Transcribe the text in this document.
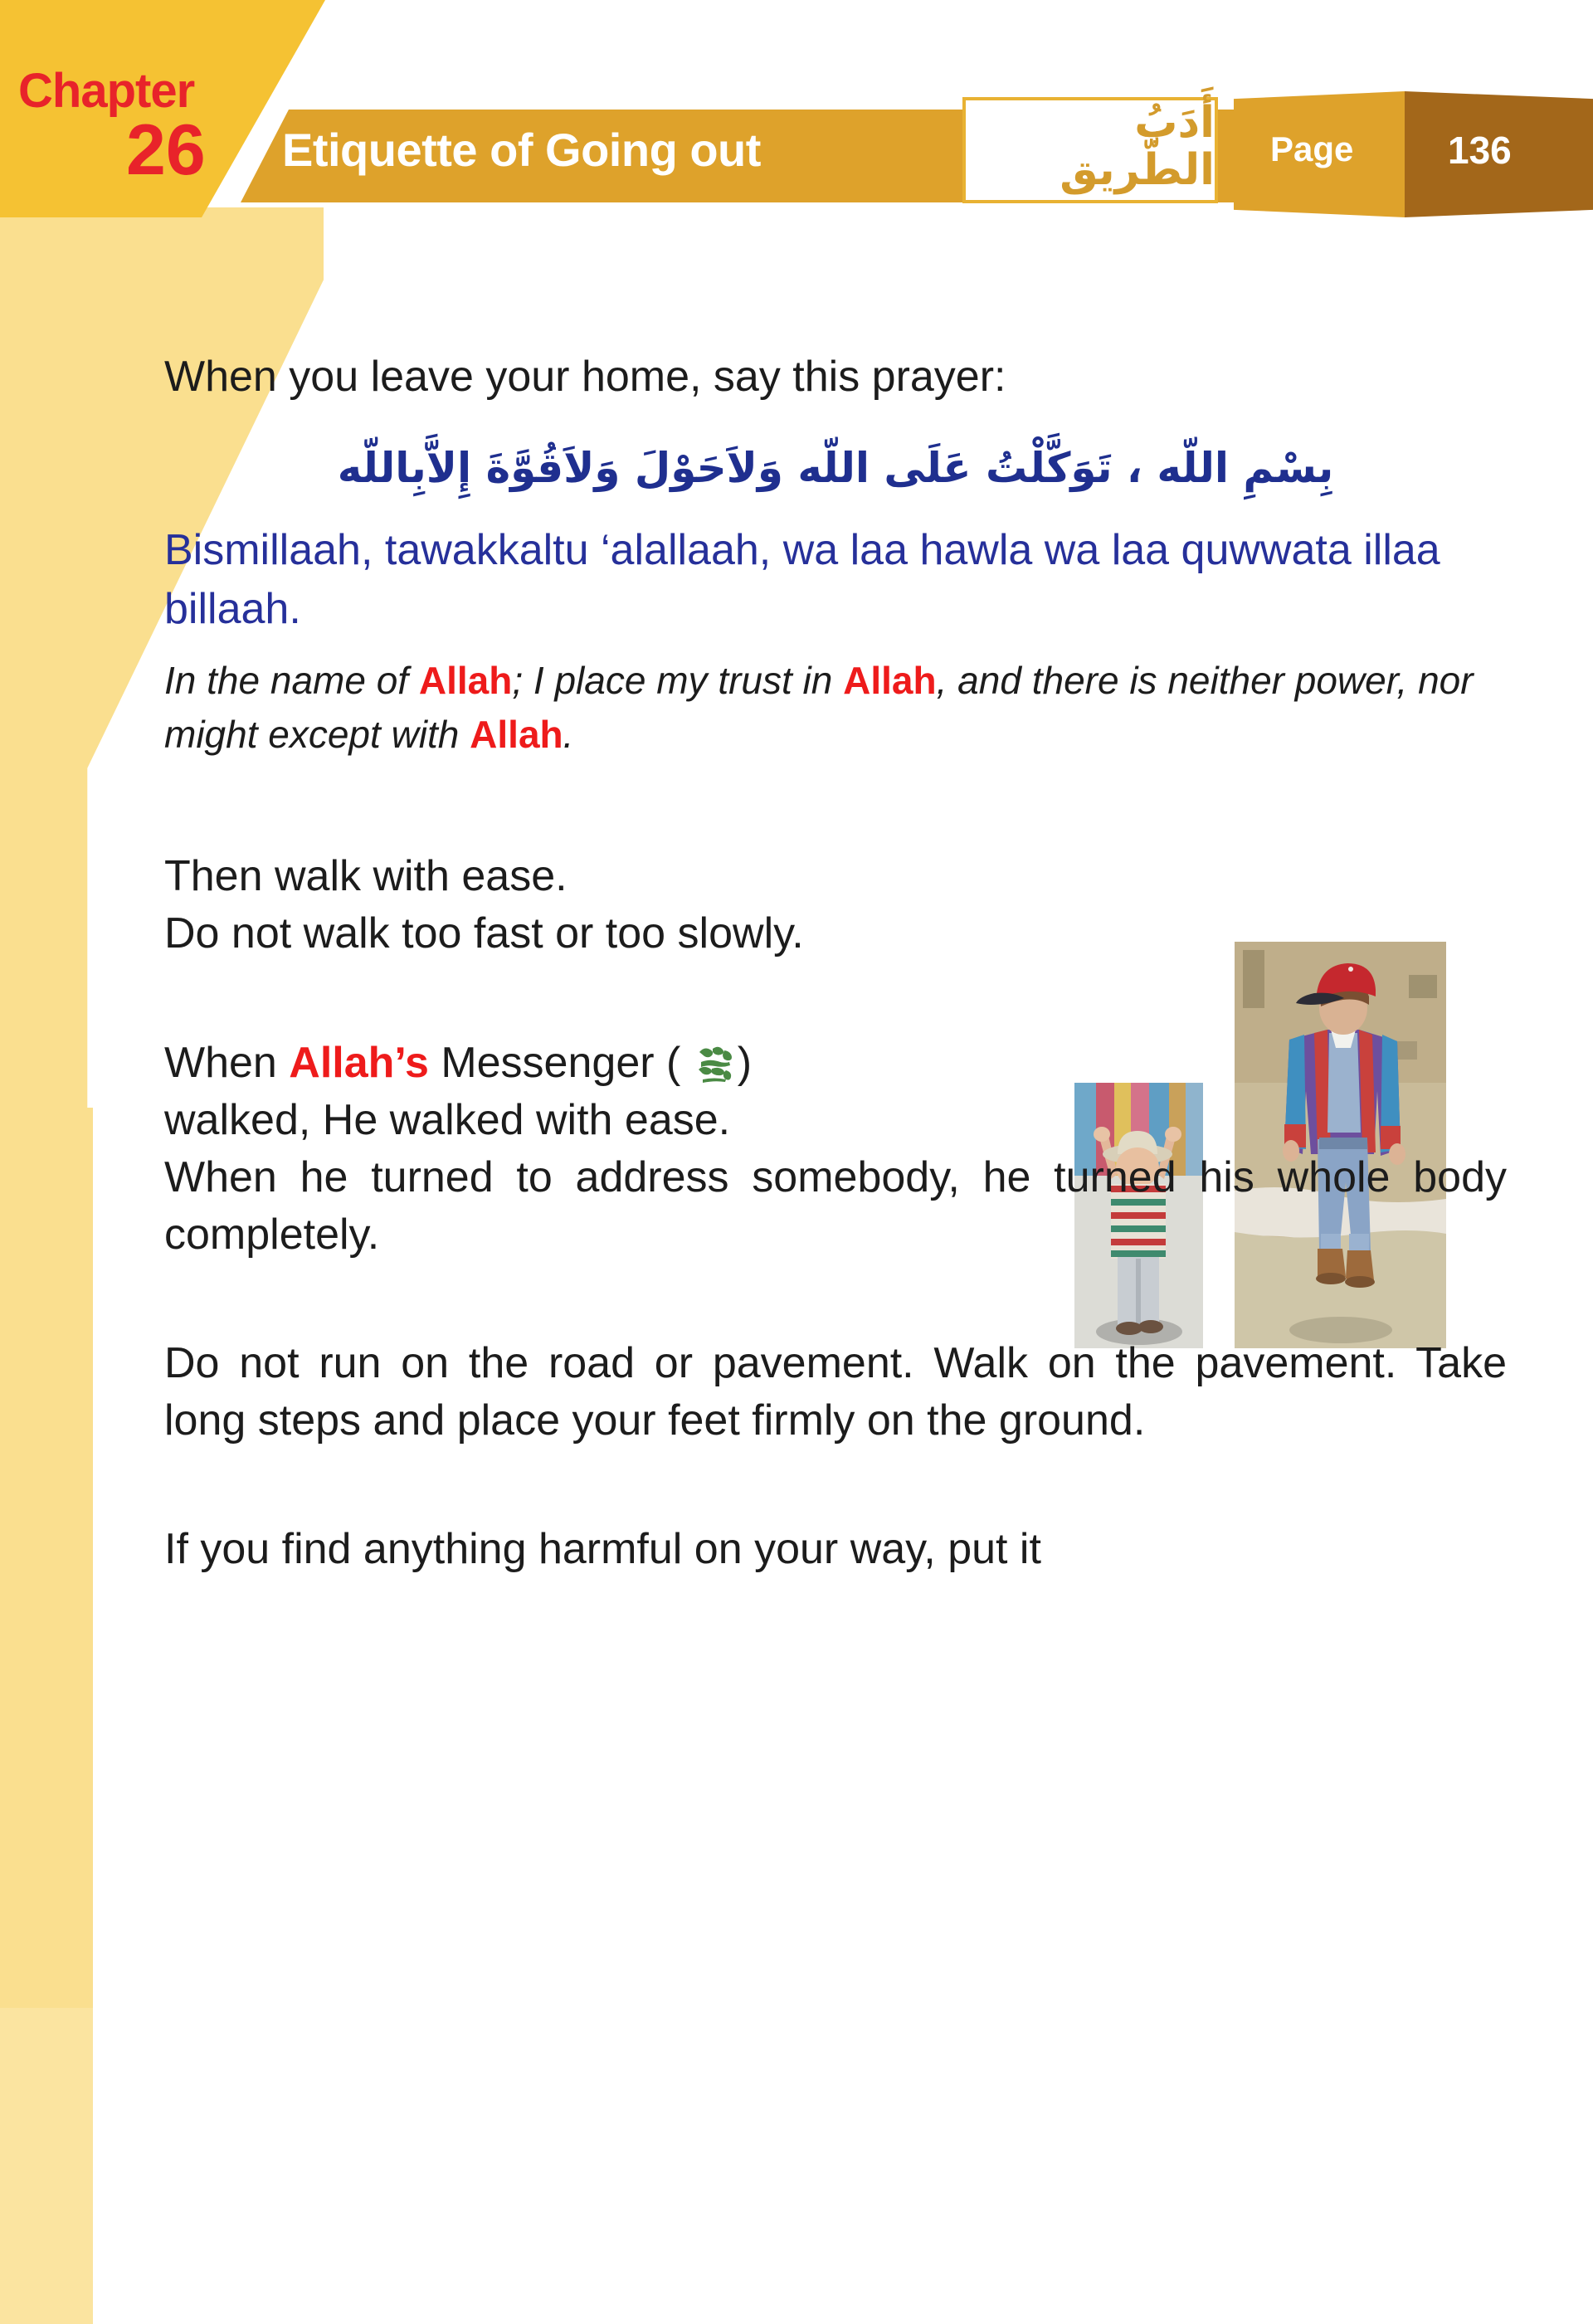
Chapter
26 Etiquette of Going out
أَدَبُ الطَّريق Page 136

When you leave your home, say this prayer:

بِسْمِ اللّه ، تَوَكَّلْتُ عَلَى اللّه وَلاَحَوْلَ وَلاَقُوَّةَ إِلاَّبِاللّه

Bismillaah, tawakkaltu ‘alallaah, wa laa hawla wa laa quwwata illaa billaah.

In the name of Allah; I place my trust in Allah, and there is neither power, nor might except with Allah.

Then walk with ease.

Do not walk too fast or too slowly.

When Allah’s Messenger ( )

walked, He walked with ease.

When he turned to address somebody, he turned his whole body completely.

Do not run on the road or pavement. Walk on the pavement. Take long steps and place your feet firmly on the ground.

If you find anything harmful on your way, put it
